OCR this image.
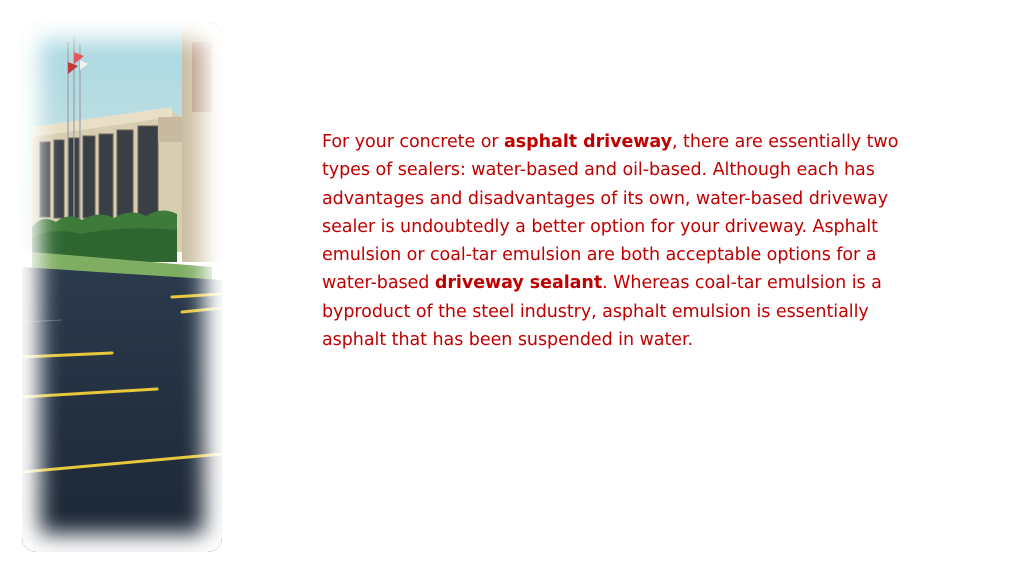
For your concrete or asphalt driveway, there are essentially two types of sealers: water-based and oil-based. Although each has advantages and disadvantages of its own, water-based driveway sealer is undoubtedly a better option for your driveway. Asphalt emulsion or coal-tar emulsion are both acceptable options for a water-based driveway sealant. Whereas coal-tar emulsion is a byproduct of the steel industry, asphalt emulsion is essentially asphalt that has been suspended in water.
